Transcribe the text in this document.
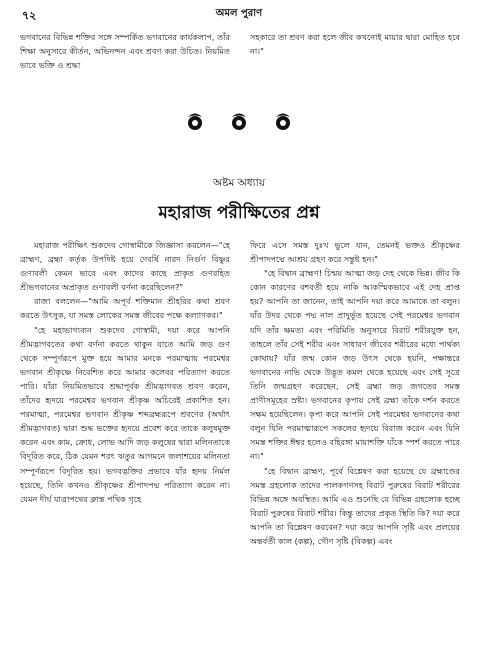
৭২	অমল পুরাণ

ভগবানের বিভিন্ন শক্তির সঙ্গে সম্পর্কিত ভগবানের কার্যকলাপ, তাঁর শিক্ষা অনুসারে কীর্তন, অভিনন্দন এবং শ্রবণ করা উচিত। নিয়মিত ভাবে ভক্তি ও শ্রদ্ধা

সহকারে তা শ্রবণ করা হলে জীব কখনোই মায়ার দ্বারা মোহিত হবে না।"

অষ্টম অধ্যায়
মহারাজ পরীক্ষিতের প্রশ্ন

মহারাজ পরীক্ষিৎ শুকদেব গোস্বামীকে জিজ্ঞাসা করলেন—"হে ব্রাহ্মণ, ব্রহ্মা কর্তৃক উপদিষ্ট হয়ে দেবর্ষি নারদ নির্গুণ বিষ্ণুর গুণাবলী কেমন ভাবে এবং কাদের কাছে প্রাকৃত গুণরহিত শ্রীভগবানের অপ্রাকৃত গুণাবলী বর্ণনা করেছিলেন?"

রাজা বললেন—"আমি অপূর্ব শক্তিমান শ্রীহরির কথা শ্রবণ করতে উৎসুক, যা সমস্ত লোকের সমস্ত জীবের পক্ষে কল্যাণকর।"

"হে মহাভাগ্যবান শুকদেব গোস্বামী, দয়া করে আপনি শ্রীমদ্ভাগবতের কথা বর্ণনা করতে থাকুন যাতে আমি জড় গুণ থেকে সম্পূর্ণরূপে মুক্ত হয়ে আমার মনকে পরমাত্মায় পরমেশ্বর ভগবান শ্রীকৃষ্ণে নিবেশিত করে আমার কলেবর পরিত্যাগ করতে পারি। যাঁরা নিয়মিতভাবে শ্রদ্ধাপূর্বক শ্রীমদ্ভাগবত শ্রবণ করেন, তাঁদের হৃদয়ে পরমেশ্বর ভগবান শ্রীকৃষ্ণ অচিরেই প্রকাশিত হন। পরমাত্মা, পরমেশ্বর ভগবান শ্রীকৃষ্ণ শব্দব্রহ্মরূপে শ্রবণের (অর্থাৎ শ্রীমদ্ভাগবত) দ্বারা শুদ্ধ ভক্তের হৃদয়ে প্রবেশ করে তাকে কলুষমুক্ত করেন এবং কাম, ক্রোধ, লোভ আদি জড় কলুষের দ্বারা মলিনতাকে বিদূরিত করে, ঠিক যেমন শরৎ ঋতুর আগমনে জলাশয়ের মলিনতা সম্পূর্ণরূপে বিদূরিত হয়। ভগবদ্ভক্তির প্রভাবে যাঁর হৃদয় নির্মল হয়েছে, তিনি কখনও শ্রীকৃষ্ণের শ্রীপাদপদ্ম পরিত্যাগ করেন না। যেমন দীর্ঘ যাত্রাপথের ক্লান্ত পথিক গৃহে

ফিরে এসে সমস্ত দুঃখ ভুলে যান, তেমনই ভক্তও শ্রীকৃষ্ণের শ্রীপাদপদ্মে আশ্রয় গ্রহণ করে সন্তুষ্ট হন।"

"হে বিদ্বান ব্রাহ্মণ! চিন্ময় আত্মা জড় দেহ থেকে ভিন্ন। জীব কি কোন কারণের বশবর্তী হয়ে নাকি আকস্মিকভাবে এই দেহ প্রাপ্ত হয়? আপনি তা জানেন, তাই আপনি দয়া করে আমাকে তা বলুন। যাঁর উদর থেকে পদ্ম নাল প্রাদুর্ভূত হয়েছে সেই পরমেশ্বর ভগবান যদি তাঁর ক্ষমতা এবং পরিমিতি অনুসারে বিরাট শরীরযুক্ত হন, তাহলে তাঁর সেই শরীর এবং সাধারণ জীবের শরীরের মধ্যে পার্থক্য কোথায়? যাঁর জন্ম কোন জড় উৎস থেকে হয়নি, পক্ষান্তরে ভগবানের নাভি থেকে উদ্ভূত কমল থেকে হয়েছে এবং সেই সূত্রে তিনি জন্মগ্রহণ করেছেন, সেই ব্রহ্মা জড় জগতের সমস্ত প্রাণীসমূহের স্রষ্টা। ভগবানের কৃপায় সেই ব্রহ্মা তাঁকে দর্শন করতে সক্ষম হয়েছিলেন। কৃপা করে আপনি সেই পরমেশ্বর ভগবানের কথা বলুন যিনি পরমাত্মারূপে সকলের হৃদয়ে বিরাজ করেন এবং যিনি সমস্ত শক্তির ঈশ্বর হলেও বহিরঙ্গা মায়াশক্তি যাঁকে স্পর্শ করতে পারে না।"

"হে বিদ্বান ব্রাহ্মণ, পূর্বে বিশ্লেষণ করা হয়েছে যে ব্রহ্মাণ্ডের সমস্ত গ্রহলোক তাদের পালকগণসহ বিরাট পুরুষের বিরাট শরীরের বিভিন্ন অঙ্গে অবস্থিত। আমি এও শুনেছি যে বিভিন্ন গ্রহলোক হচ্ছে বিরাট পুরুষের বিরাট শরীর। কিন্তু তাদের প্রকৃত স্থিতি কি? দয়া করে আপনি তা বিশ্লেষণ করবেন? দয়া করে আপনি সৃষ্টি এবং প্রলয়ের অন্তর্বর্তী কাল (কল্প), গৌণ সৃষ্টি (বিকল্প) এবং
